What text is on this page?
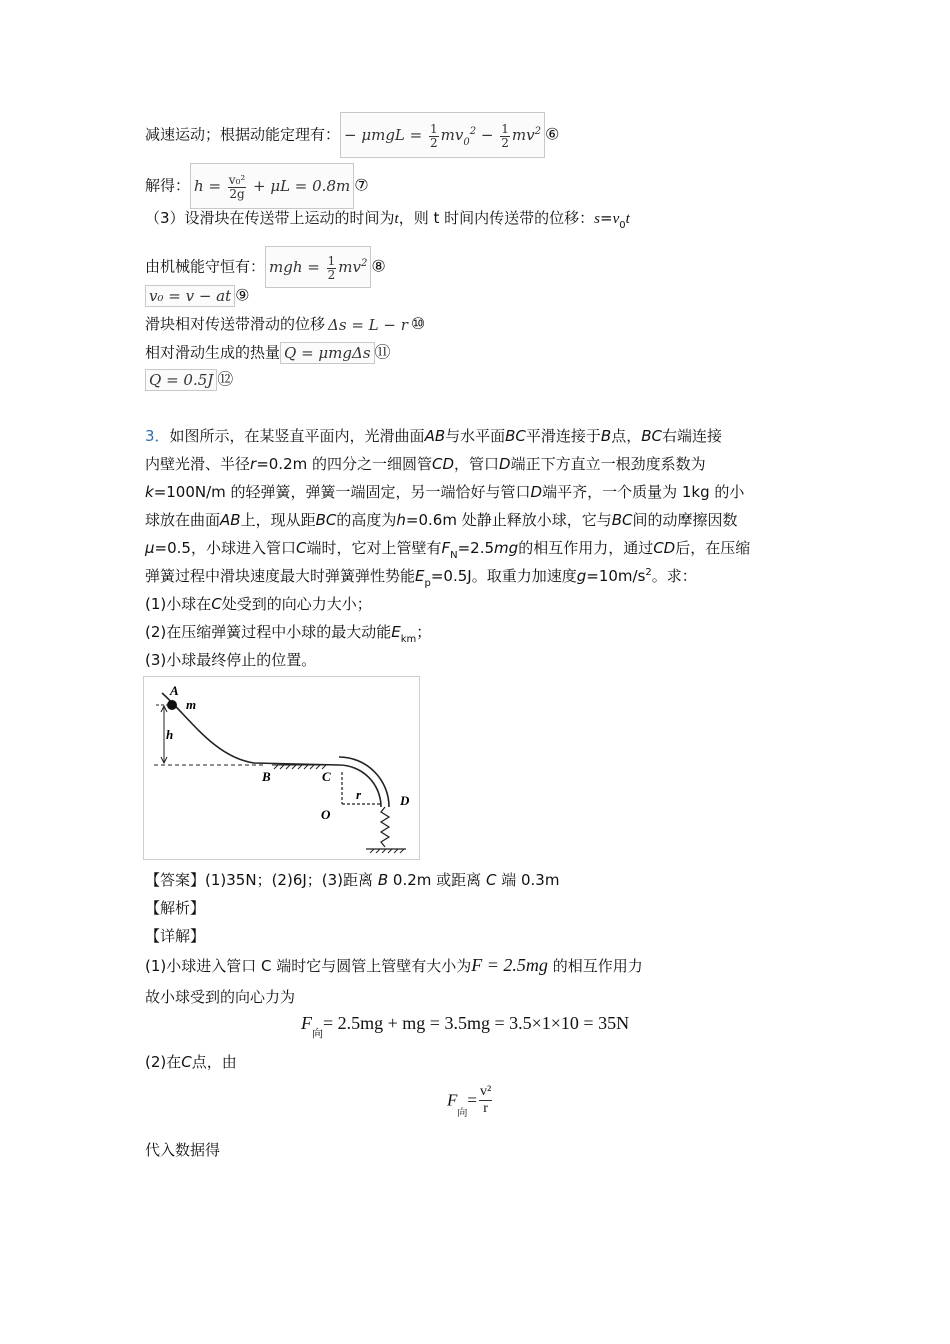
减速运动；根据动能定理有： − $\mu mgL = \frac{1}{2} mv_0^2 - \frac{1}{2} mv^2$ ⑥
解得： $h = \frac{\text{v₀²}}{2g} + \mu L = 0.8m$ ⑦
（3）设滑块在传送带上运动的时间为t，则 t 时间内传送带的位移：$s=v_0t$
由机械能守恒有： mgh = $\frac{1}{2} mv^2$ ⑧
v₀ = v − at ⑨
滑块相对传送带滑动的位移 Δs = L − r ⑩
相对滑动生成的热量 Q = μmgΔs ⑪
Q = 0.5J ⑫
3．如图所示，在某竖直平面内，光滑曲面AB与水平面BC平滑连接于B点，BC右端连接
内壁光滑、半径r=0.2m 的四分之一细圆管CD，管口D端正下方直立一根劲度系数为
k=100N/m 的轻弹簧，弹簧一端固定，另一端恰好与管口D端平齐，一个质量为 1kg 的小
球放在曲面AB上，现从距BC的高度为h=0.6m 处静止释放小球，它与BC间的动摩擦因数
μ=0.5，小球进入管口C端时，它对上管壁有$F_N=2.5mg$的相互作用力，通过CD后，在压缩
弹簧过程中滑块速度最大时弹簧弹性势能$E_p=0.5J$。取重力加速度$g=10m/s^2$。求：
(1)小球在C处受到的向心力大小；
(2)在压缩弹簧过程中小球的最大动能$E_{km}$；
(3)小球最终停止的位置。
A
m
h
B	C
D
O
r
【答案】(1)35N；(2)6J；(3)距离 B 0.2m 或距离 C 端 0.3m
【解析】
【详解】
(1)小球进入管口 C 端时它与圆管上管壁有大小为F = 2.5mg 的相互作用力
故小球受到的向心力为
$F_向= 2.5mg$ + mg = 3.5mg = 3.5×1×10 = 35N
(2)在C点，由
$F_向= \frac{\text{v²}}{r}$
代入数据得
